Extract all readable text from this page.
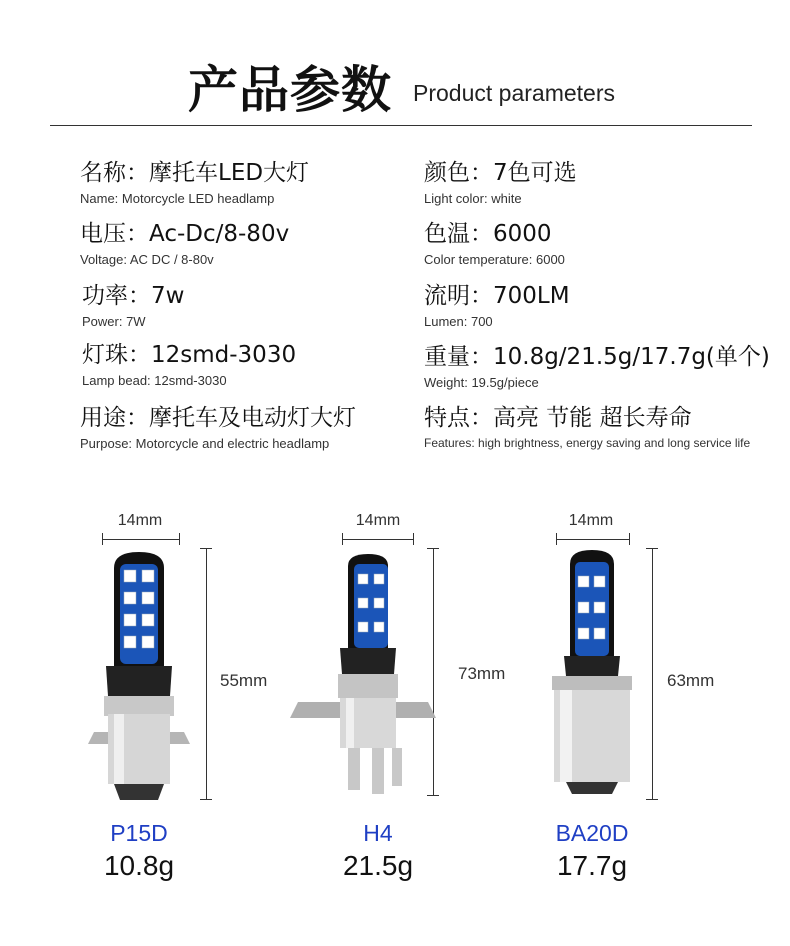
产品参数 Product parameters
名称：摩托车LED大灯
Name: Motorcycle LED headlamp
电压：Ac-Dc/8-80v
Voltage: AC DC / 8-80v
功率：7w
Power: 7W
灯珠：12smd-3030
Lamp bead: 12smd-3030
用途：摩托车及电动灯大灯
Purpose: Motorcycle and electric headlamp
颜色：7色可选
Light color: white
色温：6000
Color temperature: 6000
流明：700LM
Lumen: 700
重量：10.8g/21.5g/17.7g(单个)
Weight: 19.5g/piece
特点：高亮 节能 超长寿命
Features: high brightness, energy saving and long service life
14mm
55mm
P15D
10.8g
14mm
73mm
H4
21.5g
14mm
63mm
BA20D
17.7g
